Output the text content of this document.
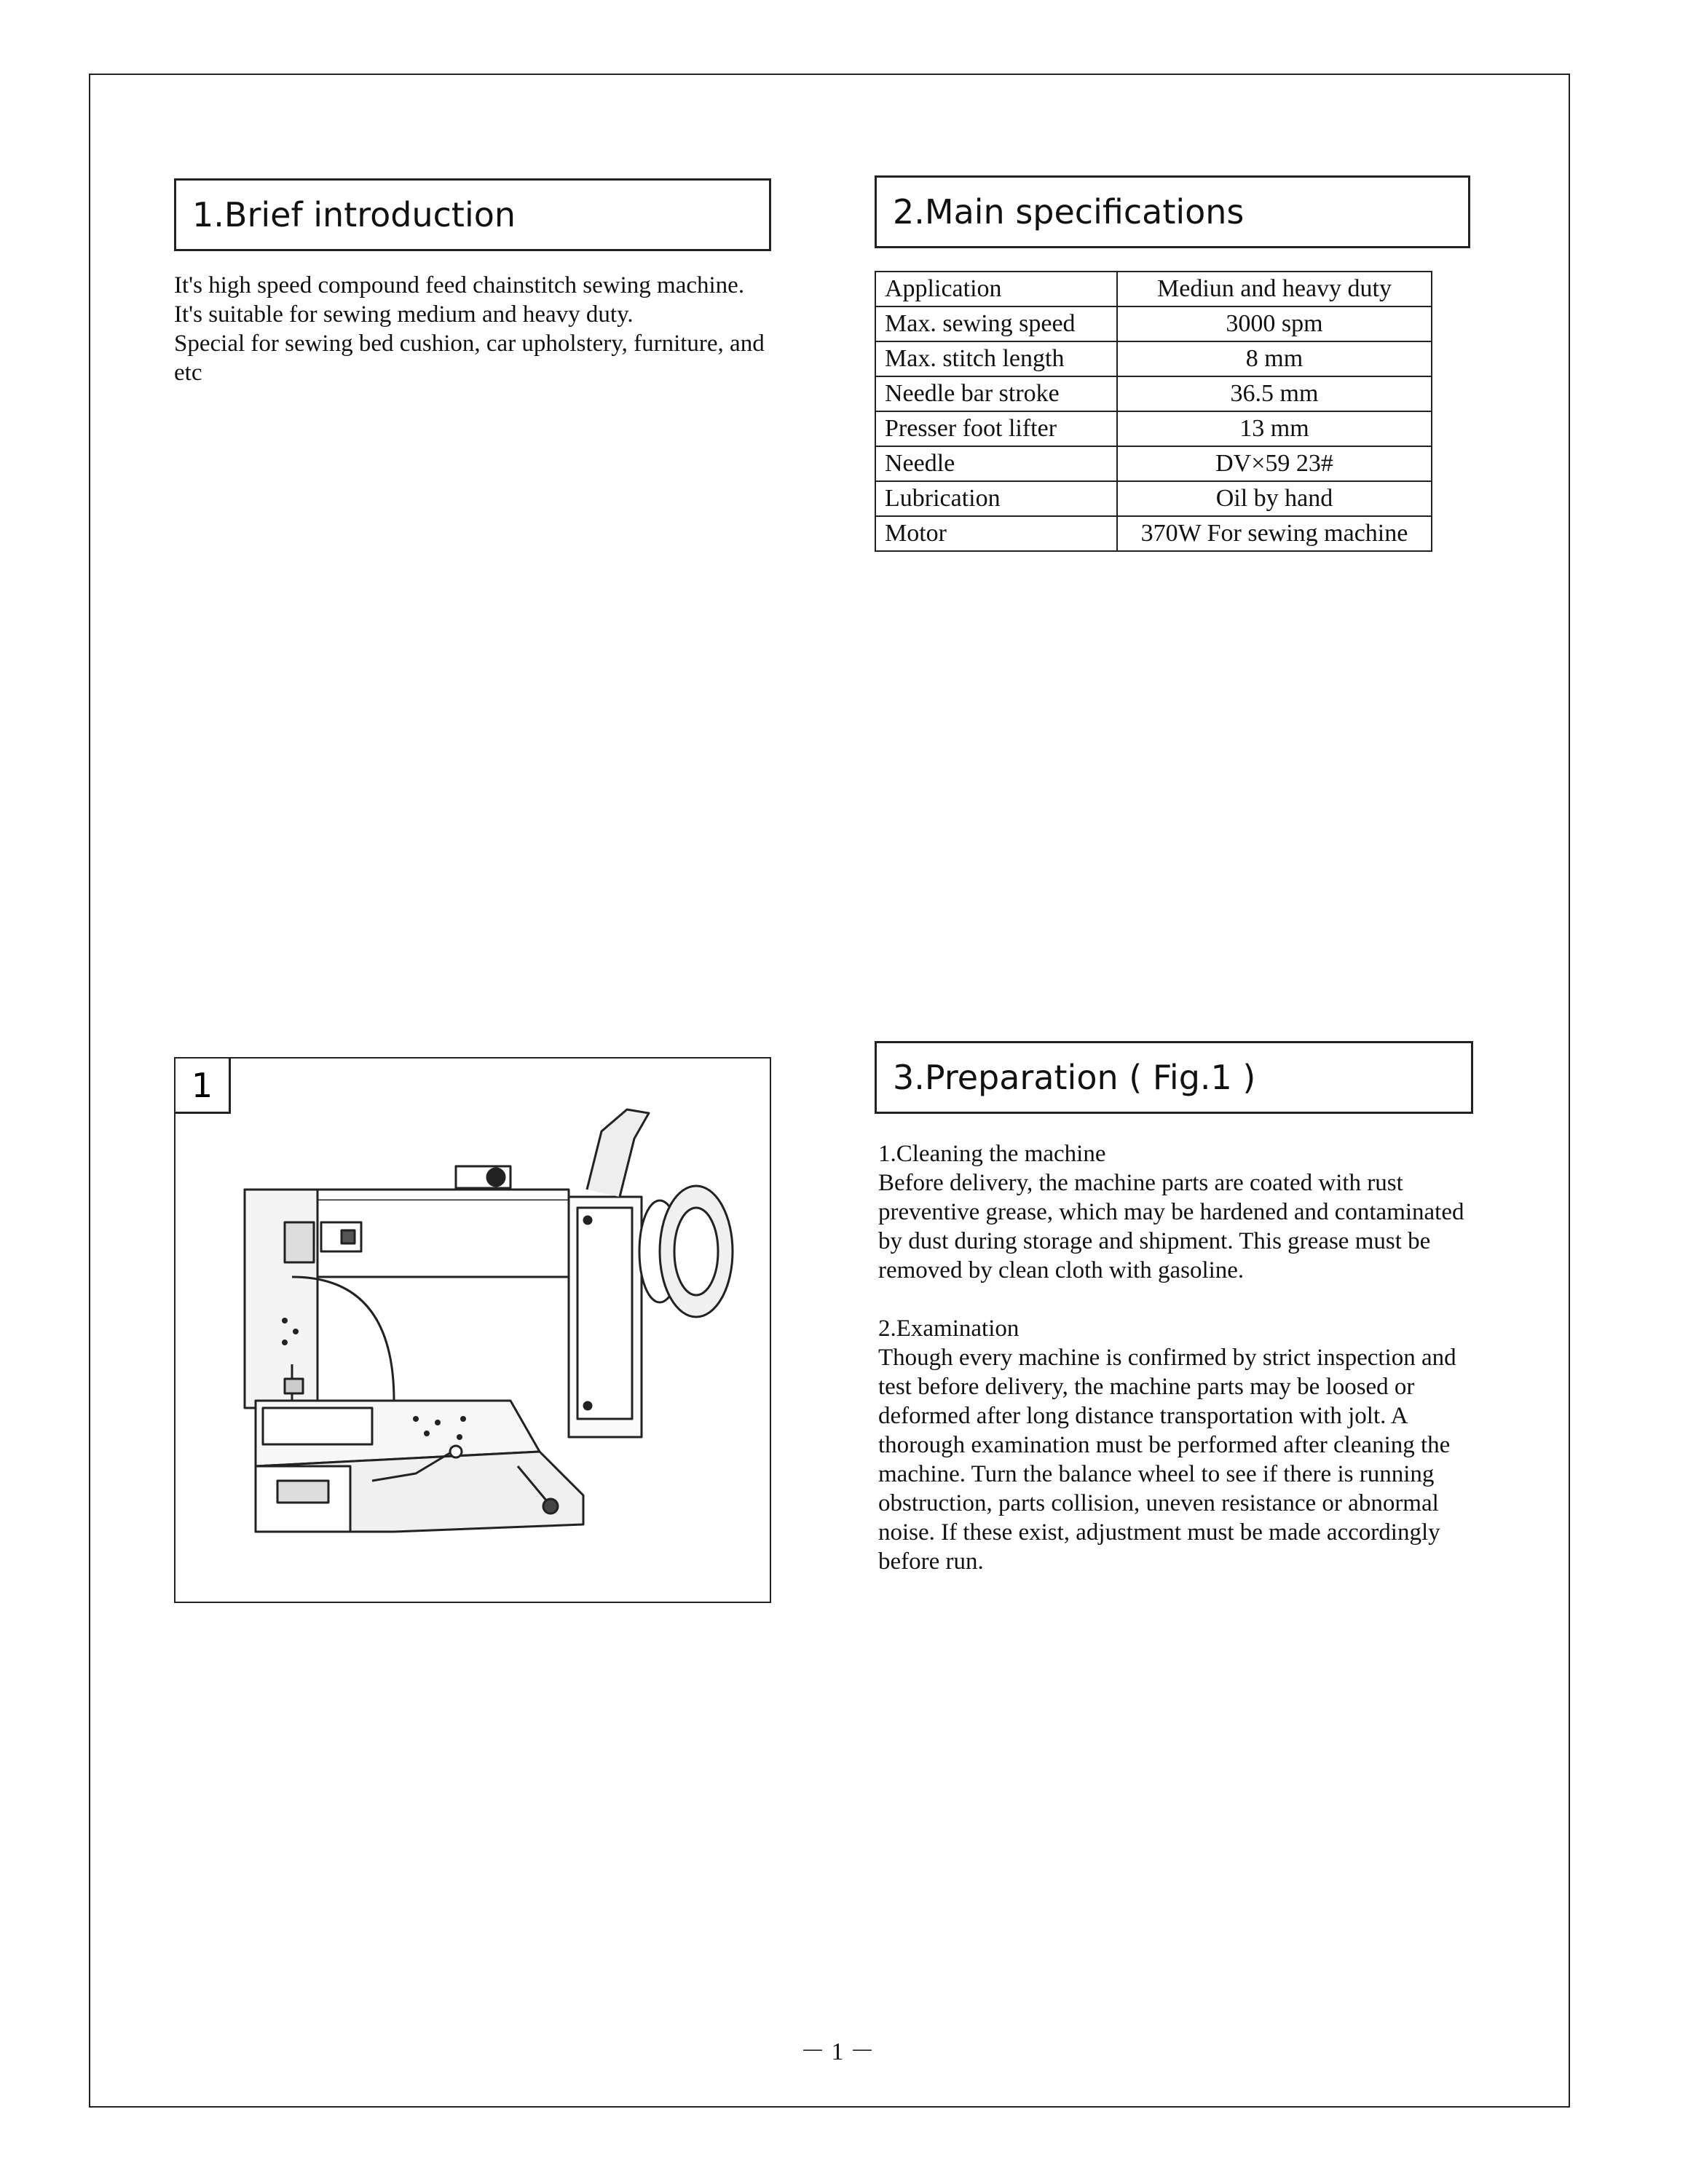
1.Brief introduction

It's high speed compound feed chainstitch sewing machine. It's suitable for sewing medium and heavy duty.

Special for sewing bed cushion, car upholstery, furniture, and etc

2.Main specifications
Application	Mediun and heavy duty
Max. sewing speed	3000 spm
Max. stitch length	8 mm
Needle bar stroke	36.5 mm
Presser foot lifter	13 mm
Needle	DV×59 23#
Lubrication	Oil by hand
Motor	370W For sewing machine
1	3.Preparation ( Fig.1 )

1.Cleaning the machine

Before delivery, the machine parts are coated with rust preventive grease, which may be hardened and contaminated by dust during storage and shipment. This grease must be removed by clean cloth with gasoline.

2.Examination

Though every machine is confirmed by strict inspection and test before delivery, the machine parts may be loosed or deformed after long distance transportation with jolt. A thorough examination must be performed after cleaning the machine. Turn the balance wheel to see if there is running obstruction, parts collision, uneven resistance or abnormal noise. If these exist, adjustment must be made accordingly before run.

－ 1 －
